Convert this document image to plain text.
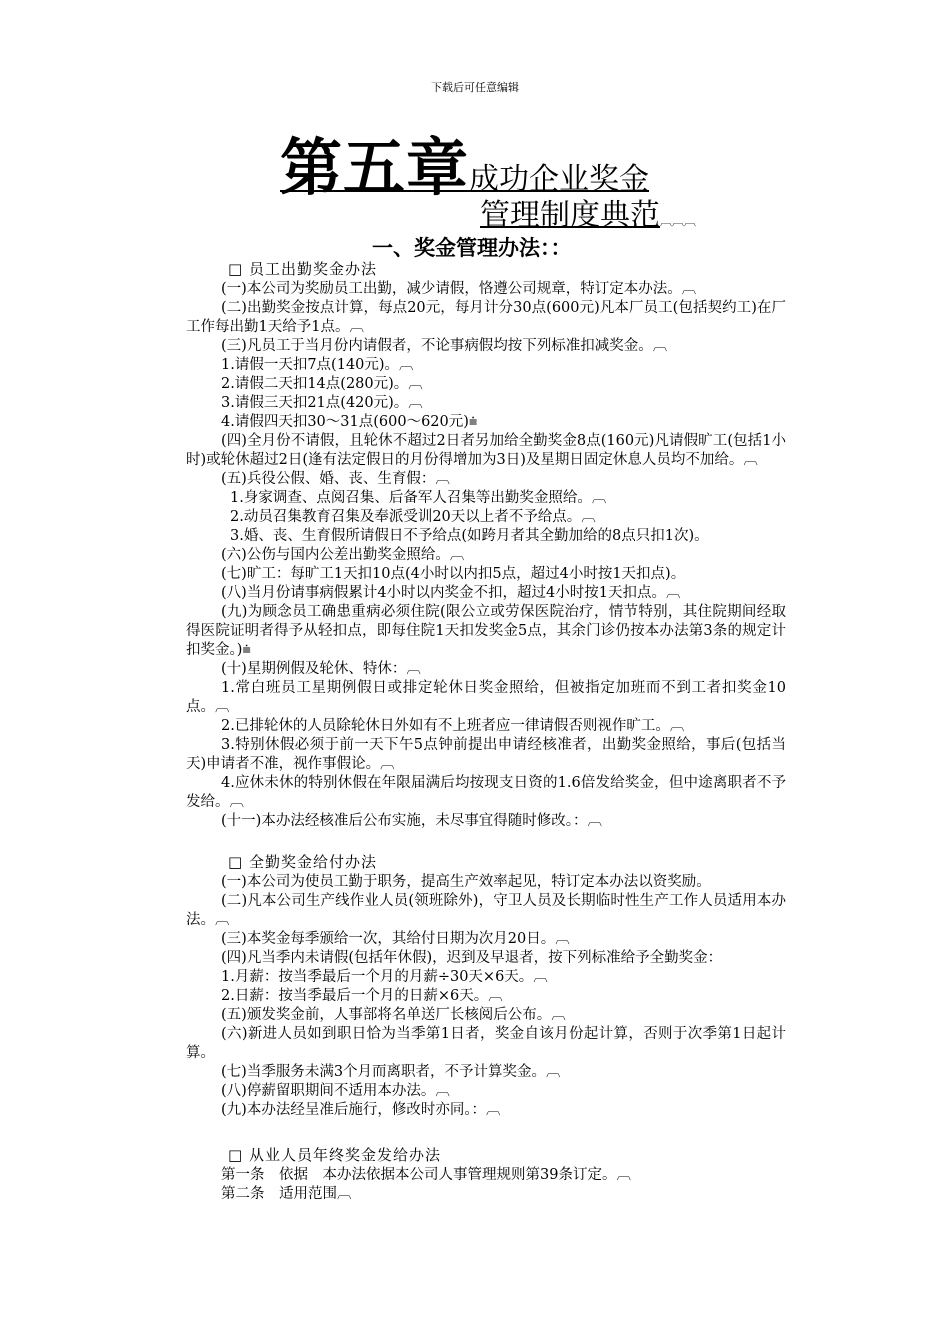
下载后可任意编辑
第五章成功企业奖金
管理制度典范︹︹︹
一、奖金管理办法：：
□ 员工出勤奖金办法

(一)本公司为奖励员工出勤，减少请假，恪遵公司规章，特订定本办法。︹

(二)出勤奖金按点计算，每点20元，每月计分30点(600元)凡本厂员工(包括契约工)在厂工作每出勤1天给予1点。︹

(三)凡员工于当月份内请假者，不论事病假均按下列标准扣减奖金。︹

1.请假一天扣7点(140元)。︹

2.请假二天扣14点(280元)。︹

3.请假三天扣21点(420元)。︹

4.请假四天扣30～31点(600～620元)⩧

(四)全月份不请假，且轮休不超过2日者另加给全勤奖金8点(160元)凡请假旷工(包括1小时)或轮休超过2日(逢有法定假日的月份得增加为3日)及星期日固定休息人员均不加给。︹

(五)兵役公假、婚、丧、生育假：︹

1.身家调查、点阅召集、后备军人召集等出勤奖金照给。︹

2.动员召集教育召集及奉派受训20天以上者不予给点。︹

3.婚、丧、生育假所请假日不予给点(如跨月者其全勤加给的8点只扣1次)。

(六)公伤与国内公差出勤奖金照给。︹

(七)旷工：每旷工1天扣10点(4小时以内扣5点，超过4小时按1天扣点)。

(八)当月份请事病假累计4小时以内奖金不扣，超过4小时按1天扣点。︹

(九)为顾念员工确患重病必须住院(限公立或劳保医院治疗，情节特别，其住院期间经取得医院证明者得予从轻扣点，即每住院1天扣发奖金5点，其余门诊仍按本办法第3条的规定计扣奖金。)⩧

(十)星期例假及轮休、特休：︹

1.常白班员工星期例假日或排定轮休日奖金照给，但被指定加班而不到工者扣奖金10点。︹

2.已排轮休的人员除轮休日外如有不上班者应一律请假否则视作旷工。︹

3.特别休假必须于前一天下午5点钟前提出申请经核准者，出勤奖金照给，事后(包括当天)申请者不准，视作事假论。︹

4.应休未休的特别休假在年限届满后均按现支日资的1.6倍发给奖金，但中途离职者不予发给。︹

(十一)本办法经核准后公布实施，未尽事宜得随时修改。：︹

□ 全勤奖金给付办法

(一)本公司为使员工勤于职务，提高生产效率起见，特订定本办法以资奖励。

(二)凡本公司生产线作业人员(领班除外)，守卫人员及长期临时性生产工作人员适用本办法。︹

(三)本奖金每季颁给一次，其给付日期为次月20日。︹

(四)凡当季内未请假(包括年休假)，迟到及早退者，按下列标准给予全勤奖金：

1.月薪：按当季最后一个月的月薪÷30天×6天。︹

2.日薪：按当季最后一个月的日薪×6天。︹

(五)颁发奖金前，人事部将名单送厂长核阅后公布。︹

(六)新进人员如到职日恰为当季第1日者，奖金自该月份起计算，否则于次季第1日起计算。

(七)当季服务未满3个月而离职者，不予计算奖金。︹

(八)停薪留职期间不适用本办法。︹

(九)本办法经呈准后施行，修改时亦同。：︹

□ 从业人员年终奖金发给办法

第一条　依据　本办法依据本公司人事管理规则第39条订定。︹

第二条　适用范围︹
